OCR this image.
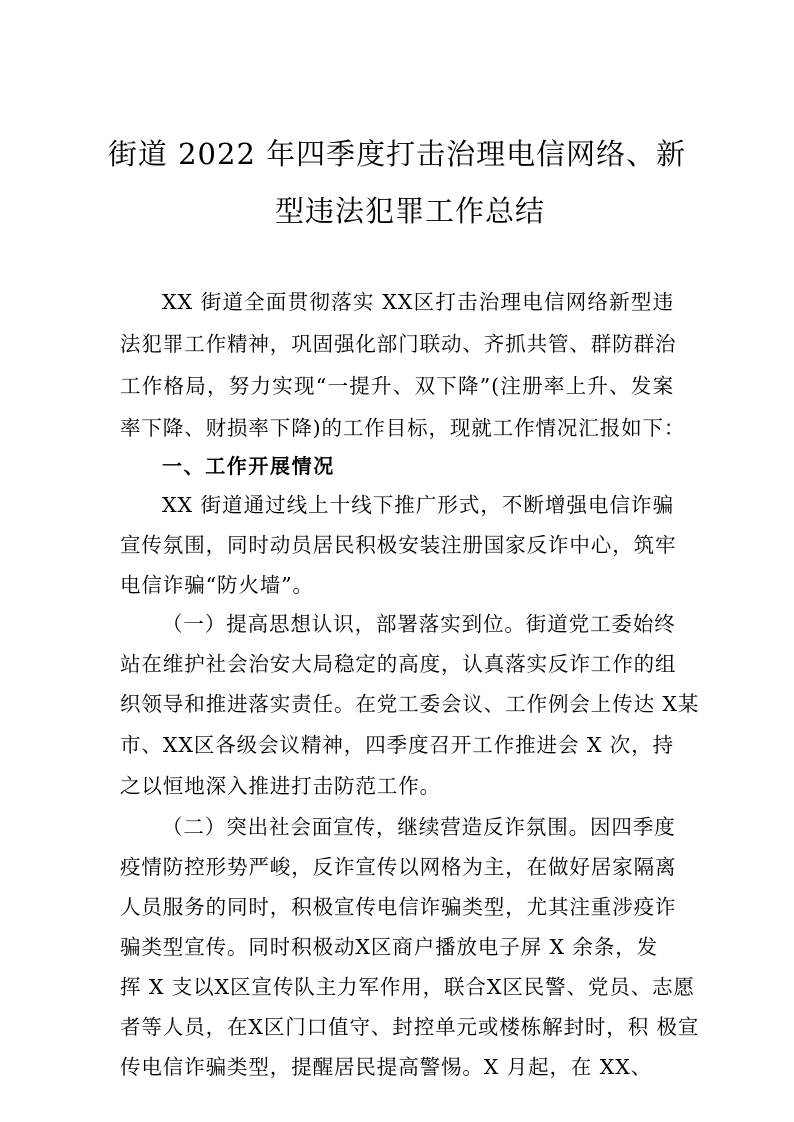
街道 2022 年四季度打击治理电信网络、新
型违法犯罪工作总结
XX 街道全面贯彻落实 XX区打击治理电信网络新型违
法犯罪工作精神，巩固强化部门联动、齐抓共管、群防群治
工作格局，努力实现“一提升、双下降”(注册率上升、发案
率下降、财损率下降)的工作目标，现就工作情况汇报如下：
一、工作开展情况
XX 街道通过线上十线下推广形式，不断增强电信诈骗
宣传氛围，同时动员居民积极安装注册国家反诈中心，筑牢
电信诈骗“防火墙”。
（一）提高思想认识，部署落实到位。街道党工委始终
站在维护社会治安大局稳定的高度，认真落实反诈工作的组
织领导和推进落实责任。在党工委会议、工作例会上传达 X某
市、XX区各级会议精神，四季度召开工作推进会 X 次，持
之以恒地深入推进打击防范工作。
（二）突出社会面宣传，继续营造反诈氛围。因四季度
疫情防控形势严峻，反诈宣传以网格为主，在做好居家隔离
人员服务的同时，积极宣传电信诈骗类型，尤其注重涉疫诈
骗类型宣传。同时积极动X区商户播放电子屏 X 余条，发
挥 X 支以X区宣传队主力军作用，联合X区民警、党员、志愿
者等人员，在X区门口值守、封控单元或楼栋解封时，积 极宣
传电信诈骗类型，提醒居民提高警惕。X 月起，在 XX、
